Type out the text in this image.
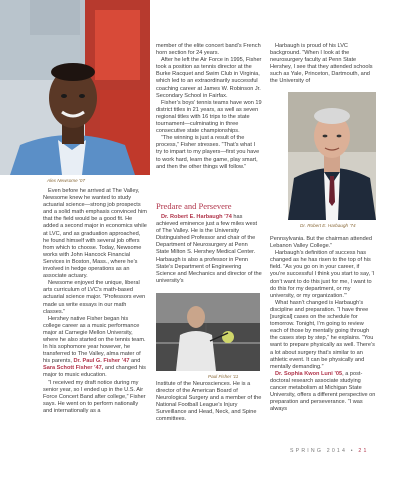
Alex Newsome ’07

Even before he arrived at The Valley, Newsome knew he wanted to study actuarial science—strong job prospects and a solid math emphasis convinced him that the field would be a good fit. He added a second major in economics while at LVC, and as graduation approached, he found himself with several job offers from which to choose. Today, Newsome works with John Hancock Financial Services in Boston, Mass., where he’s involved in hedge operations as an associate actuary.

Newsome enjoyed the unique, liberal arts curriculum of LVC’s math-based actuarial science major. “Professors even made us write essays in our math classes.”

Hershey native Fisher began his college career as a music performance major at Carnegie Mellon University, where he also started on the tennis team. In his sophomore year however, he transferred to The Valley, alma mater of his parents, Dr. Paul G. Fisher ’47 and Sara Schott Fisher ’47, and changed his major to music education.

“I received my draft notice during my senior year, so I ended up in the U.S. Air Force Concert Band after college,” Fisher says. He went on to perform nationally and internationally as a

member of the elite concert band’s French horn section for 24 years.

After he left the Air Force in 1995, Fisher took a position as tennis director at the Burke Racquet and Swim Club in Virginia, which led to an extraordinarily successful coaching career at James W. Robinson Jr. Secondary School in Fairfax.

Fisher’s boys’ tennis teams have won 19 district titles in 21 years, as well as seven regional titles with 16 trips to the state tournament—culminating in three consecutive state championships.

“The winning is just a result of the process,” Fisher stresses. “That’s what I try to impart to my players—first you have to work hard, learn the game, play smart, and then the other things will follow.”

Predare and Persevere

Dr. Robert E. Harbaugh ’74 has achieved eminence just a few miles west of The Valley. He is the University Distinguished Professor and chair of the Department of Neurosurgery at Penn State Milton S. Hershey Medical Center. Harbaugh is also a professor in Penn State’s Department of Engineering Science and Mechanics and director of the university’s

Paul Fisher ’11

Institute of the Neurosciences. He is a director of the American Board of Neurological Surgery and a member of the National Football League’s Injury Surveillance and Head, Neck, and Spine committees.

Harbaugh is proud of his LVC background. “When I look at the neurosurgery faculty at Penn State Hershey, I see that they attended schools such as Yale, Princeton, Dartmouth, and the University of

Dr. Robert E. Harbaugh ’74

Pennsylvania. But the chairman attended Lebanon Valley College.”

Harbaugh’s definition of success has changed as he has risen to the top of his field. “As you go on in your career, if you’re successful I think you start to say, ‘I don’t want to do this just for me, I want to do this for my department, or my university, or my organization.’”

What hasn’t changed is Harbaugh’s discipline and preparation. “I have three [surgical] cases on the schedule for tomorrow. Tonight, I’m going to review each of those by mentally going through the cases step by step,” he explains. “You want to prepare physically as well. There’s a lot about surgery that’s similar to an athletic event. It can be physically and mentally demanding.”

Dr. Sophia Kwon Luni ’05, a post-doctoral research associate studying cancer metabolism at Michigan State University, offers a different perspective on preparation and perseverance. “I was always

SPRING 2014 • 21
